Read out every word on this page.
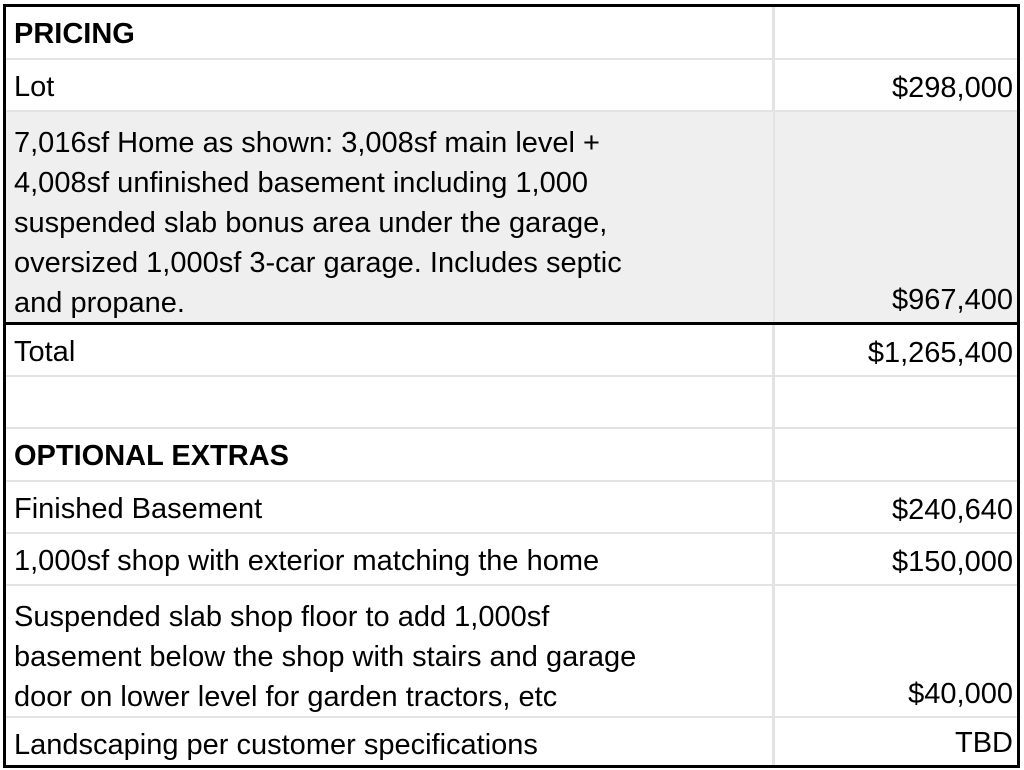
PRICING
Lot	$298,000
7,016sf Home as shown: 3,008sf main level +
4,008sf unfinished basement including 1,000
suspended slab bonus area under the garage,
oversized 1,000sf 3-car garage. Includes septic
and propane.	$967,400
Total	$1,265,400
OPTIONAL EXTRAS
Finished Basement	$240,640
1,000sf shop with exterior matching the home	$150,000
Suspended slab shop floor to add 1,000sf
basement below the shop with stairs and garage
door on lower level for garden tractors, etc	$40,000
Landscaping per customer specifications	TBD
